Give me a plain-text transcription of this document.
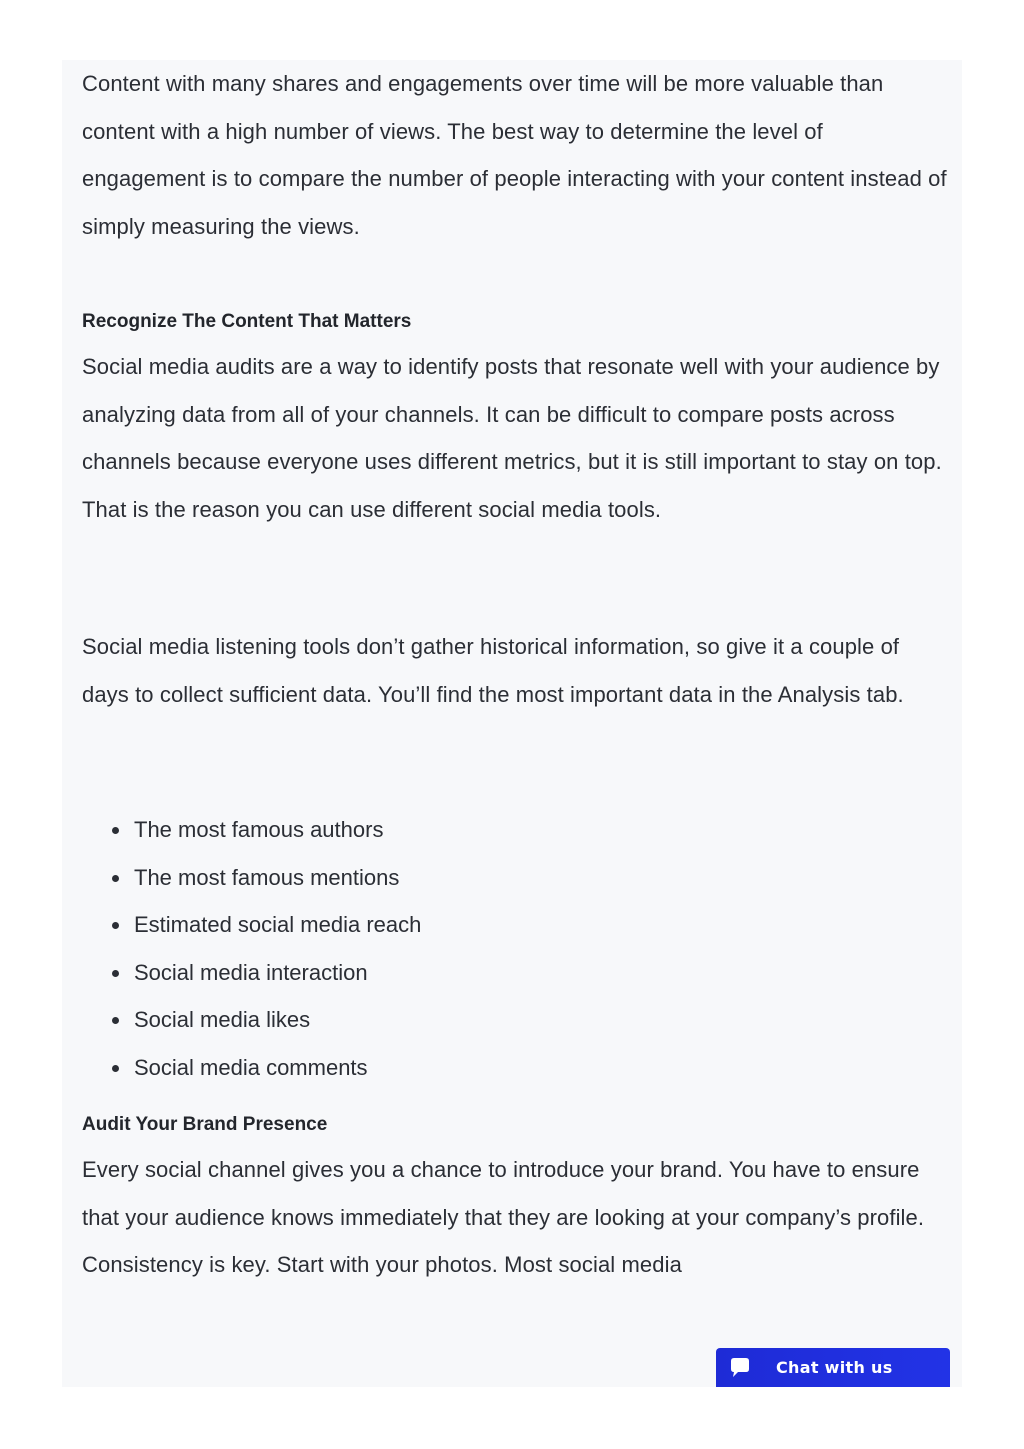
Content with many shares and engagements over time will be more valuable than content with a high number of views. The best way to determine the level of engagement is to compare the number of people interacting with your content instead of simply measuring the views.

Recognize The Content That Matters

Social media audits are a way to identify posts that resonate well with your audience by analyzing data from all of your channels. It can be difficult to compare posts across channels because everyone uses different metrics, but it is still important to stay on top. That is the reason you can use different social media tools.

Social media listening tools don’t gather historical information, so give it a couple of days to collect sufficient data. You’ll find the most important data in the Analysis tab.

The most famous authors
The most famous mentions
Estimated social media reach
Social media interaction
Social media likes
Social media comments
Audit Your Brand Presence

Every social channel gives you a chance to introduce your brand. You have to ensure that your audience knows immediately that they are looking at your company’s profile. Consistency is key. Start with your photos. Most social media

Chat with us
